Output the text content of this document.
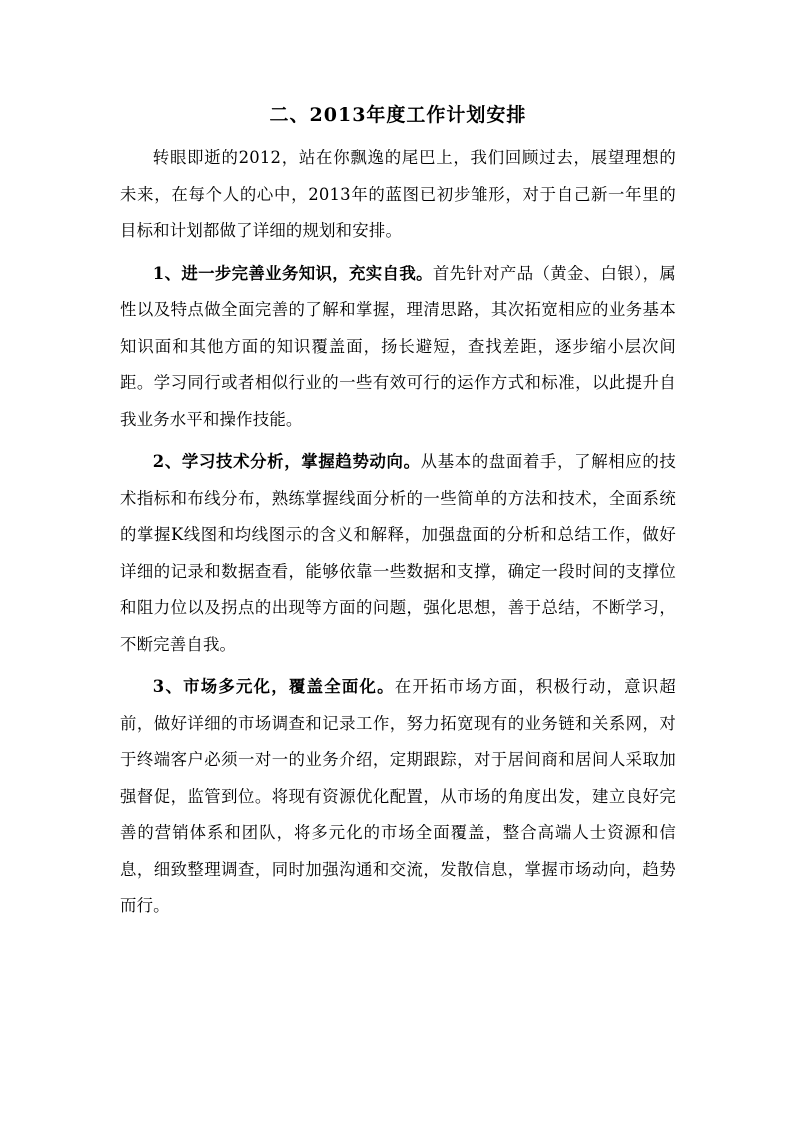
二、2013年度工作计划安排

转眼即逝的2012，站在你飘逸的尾巴上，我们回顾过去，展望理想的未来，在每个人的心中，2013年的蓝图已初步雏形，对于自己新一年里的目标和计划都做了详细的规划和安排。

1、进一步完善业务知识，充实自我。首先针对产品（黄金、白银），属性以及特点做全面完善的了解和掌握，理清思路，其次拓宽相应的业务基本知识面和其他方面的知识覆盖面，扬长避短，查找差距，逐步缩小层次间距。学习同行或者相似行业的一些有效可行的运作方式和标准，以此提升自我业务水平和操作技能。

2、学习技术分析，掌握趋势动向。从基本的盘面着手，了解相应的技术指标和布线分布，熟练掌握线面分析的一些简单的方法和技术，全面系统的掌握K线图和均线图示的含义和解释，加强盘面的分析和总结工作，做好详细的记录和数据查看，能够依靠一些数据和支撑，确定一段时间的支撑位和阻力位以及拐点的出现等方面的问题，强化思想，善于总结，不断学习，不断完善自我。

3、市场多元化，覆盖全面化。在开拓市场方面，积极行动，意识超前，做好详细的市场调查和记录工作，努力拓宽现有的业务链和关系网，对于终端客户必须一对一的业务介绍，定期跟踪，对于居间商和居间人采取加强督促，监管到位。将现有资源优化配置，从市场的角度出发，建立良好完善的营销体系和团队，将多元化的市场全面覆盖，整合高端人士资源和信息，细致整理调查，同时加强沟通和交流，发散信息，掌握市场动向，趋势而行。
